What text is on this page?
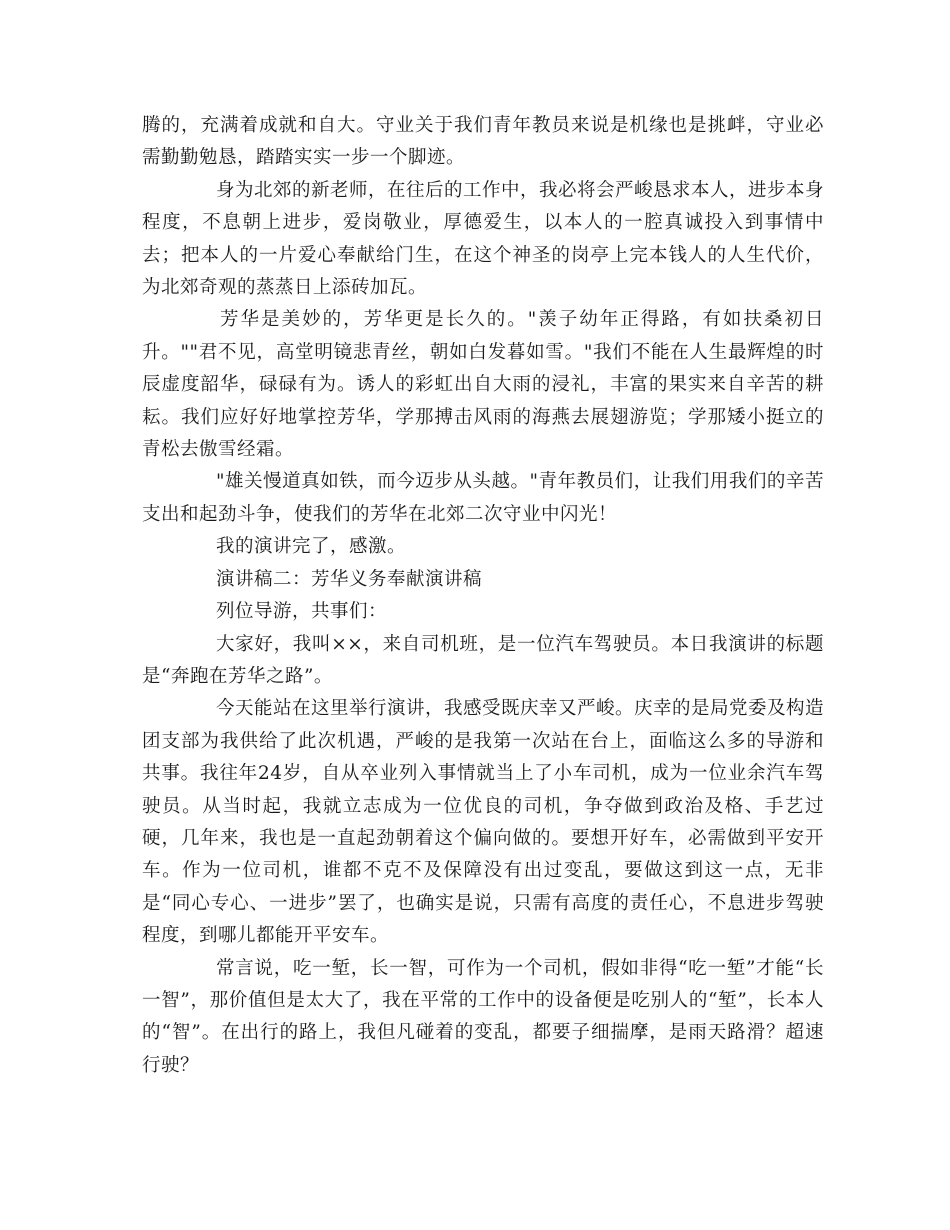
腾的，充满着成就和自大。守业关于我们青年教员来说是机缘也是挑衅，守业必需勤勤勉恳，踏踏实实一步一个脚迹。

身为北郊的新老师，在往后的工作中，我必将会严峻恳求本人，进步本身程度，不息朝上进步，爱岗敬业，厚德爱生，以本人的一腔真诚投入到事情中去；把本人的一片爱心奉献给门生，在这个神圣的岗亭上完本钱人的人生代价，为北郊奇观的蒸蒸日上添砖加瓦。

芳华是美妙的，芳华更是长久的。"羡子幼年正得路，有如扶桑初日升。""君不见，高堂明镜悲青丝，朝如白发暮如雪。"我们不能在人生最辉煌的时辰虚度韶华，碌碌有为。诱人的彩虹出自大雨的浸礼，丰富的果实来自辛苦的耕耘。我们应好好地掌控芳华，学那搏击风雨的海燕去展翅游览；学那矮小挺立的青松去傲雪经霜。

"雄关慢道真如铁，而今迈步从头越。"青年教员们，让我们用我们的辛苦支出和起劲斗争，使我们的芳华在北郊二次守业中闪光！

我的演讲完了，感激。

演讲稿二：芳华义务奉献演讲稿

列位导游，共事们：

大家好，我叫××，来自司机班，是一位汽车驾驶员。本日我演讲的标题是“奔跑在芳华之路”。

今天能站在这里举行演讲，我感受既庆幸又严峻。庆幸的是局党委及构造团支部为我供给了此次机遇，严峻的是我第一次站在台上，面临这么多的导游和共事。我往年24岁，自从卒业列入事情就当上了小车司机，成为一位业余汽车驾驶员。从当时起，我就立志成为一位优良的司机，争夺做到政治及格、手艺过硬，几年来，我也是一直起劲朝着这个偏向做的。要想开好车，必需做到平安开车。作为一位司机，谁都不克不及保障没有出过变乱，要做这到这一点，无非是“同心专心、一进步”罢了，也确实是说，只需有高度的责任心，不息进步驾驶程度，到哪儿都能开平安车。

常言说，吃一堑，长一智，可作为一个司机，假如非得“吃一堑”才能“长一智”，那价值但是太大了，我在平常的工作中的设备便是吃别人的“堑”，长本人的“智”。在出行的路上，我但凡碰着的变乱，都要子细揣摩，是雨天路滑？超速行驶？
